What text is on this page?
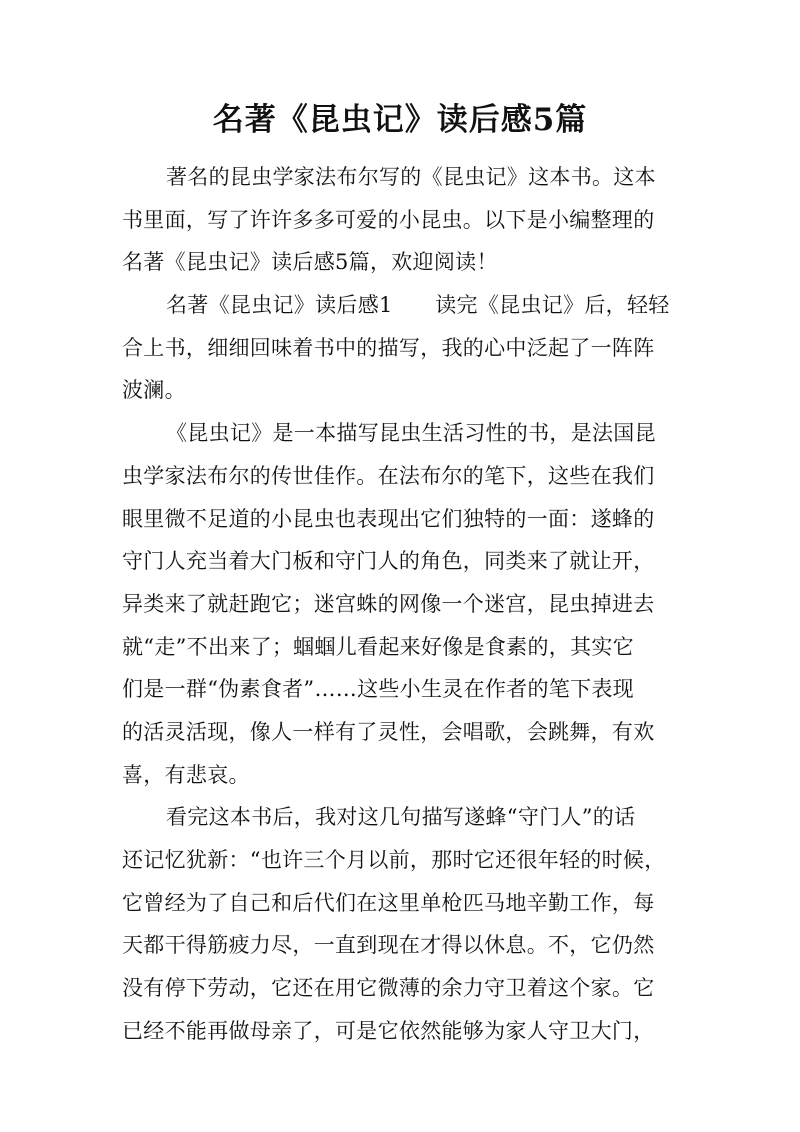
名著《昆虫记》读后感5篇
著名的昆虫学家法布尔写的《昆虫记》这本书。这本
书里面，写了许许多多可爱的小昆虫。以下是小编整理的
名著《昆虫记》读后感5篇，欢迎阅读！
名著《昆虫记》读后感1　　读完《昆虫记》后，轻轻
合上书，细细回味着书中的描写，我的心中泛起了一阵阵
波澜。
《昆虫记》是一本描写昆虫生活习性的书，是法国昆
虫学家法布尔的传世佳作。在法布尔的笔下，这些在我们
眼里微不足道的小昆虫也表现出它们独特的一面：遂蜂的
守门人充当着大门板和守门人的角色，同类来了就让开，
异类来了就赶跑它；迷宫蛛的网像一个迷宫，昆虫掉进去
就“走”不出来了；蝈蝈儿看起来好像是食素的，其实它
们是一群“伪素食者”……这些小生灵在作者的笔下表现
的活灵活现，像人一样有了灵性，会唱歌，会跳舞，有欢
喜，有悲哀。
看完这本书后，我对这几句描写遂蜂“守门人”的话
还记忆犹新：“也许三个月以前，那时它还很年轻的时候，
它曾经为了自己和后代们在这里单枪匹马地辛勤工作，每
天都干得筋疲力尽，一直到现在才得以休息。不，它仍然
没有停下劳动，它还在用它微薄的余力守卫着这个家。它
已经不能再做母亲了，可是它依然能够为家人守卫大门，
